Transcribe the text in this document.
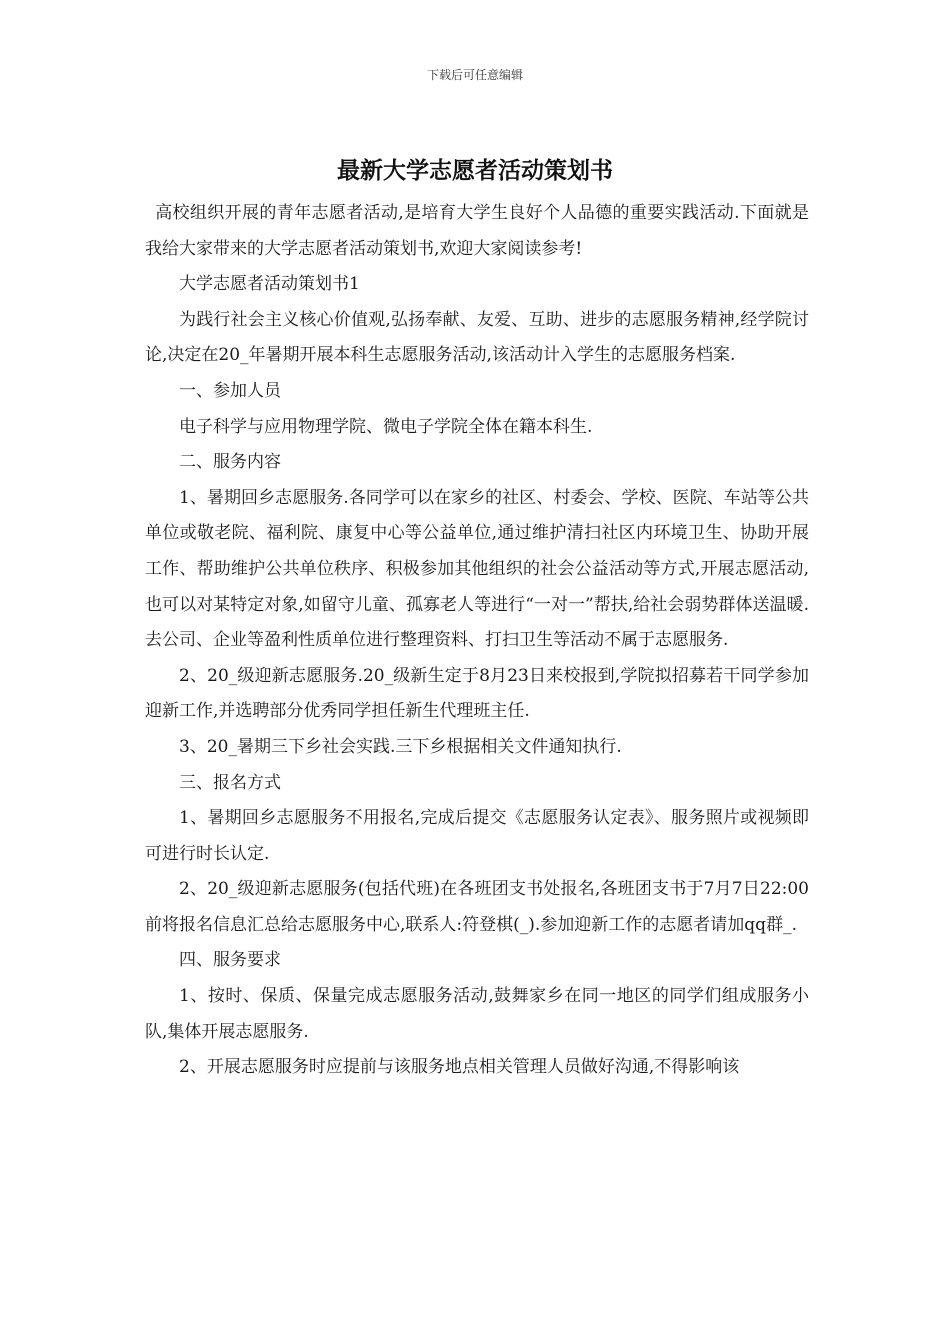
下载后可任意编辑
最新大学志愿者活动策划书

高校组织开展的青年志愿者活动,是培育大学生良好个人品德的重要实践活动.下面就是我给大家带来的大学志愿者活动策划书,欢迎大家阅读参考!

大学志愿者活动策划书1

为践行社会主义核心价值观,弘扬奉献、友爱、互助、进步的志愿服务精神,经学院讨论,决定在20_年暑期开展本科生志愿服务活动,该活动计入学生的志愿服务档案.

一、参加人员

电子科学与应用物理学院、微电子学院全体在籍本科生.

二、服务内容

1、暑期回乡志愿服务.各同学可以在家乡的社区、村委会、学校、医院、车站等公共单位或敬老院、福利院、康复中心等公益单位,通过维护清扫社区内环境卫生、协助开展工作、帮助维护公共单位秩序、积极参加其他组织的社会公益活动等方式,开展志愿活动,也可以对某特定对象,如留守儿童、孤寡老人等进行“一对一”帮扶,给社会弱势群体送温暖.去公司、企业等盈利性质单位进行整理资料、打扫卫生等活动不属于志愿服务.

2、20_级迎新志愿服务.20_级新生定于8月23日来校报到,学院拟招募若干同学参加迎新工作,并选聘部分优秀同学担任新生代理班主任.

3、20_暑期三下乡社会实践.三下乡根据相关文件通知执行.

三、报名方式

1、暑期回乡志愿服务不用报名,完成后提交《志愿服务认定表》、服务照片或视频即可进行时长认定.

2、20_级迎新志愿服务(包括代班)在各班团支书处报名,各班团支书于7月7日22:00前将报名信息汇总给志愿服务中心,联系人:符登棋(_).参加迎新工作的志愿者请加qq群_.

四、服务要求

1、按时、保质、保量完成志愿服务活动,鼓舞家乡在同一地区的同学们组成服务小队,集体开展志愿服务.

2、开展志愿服务时应提前与该服务地点相关管理人员做好沟通,不得影响该
